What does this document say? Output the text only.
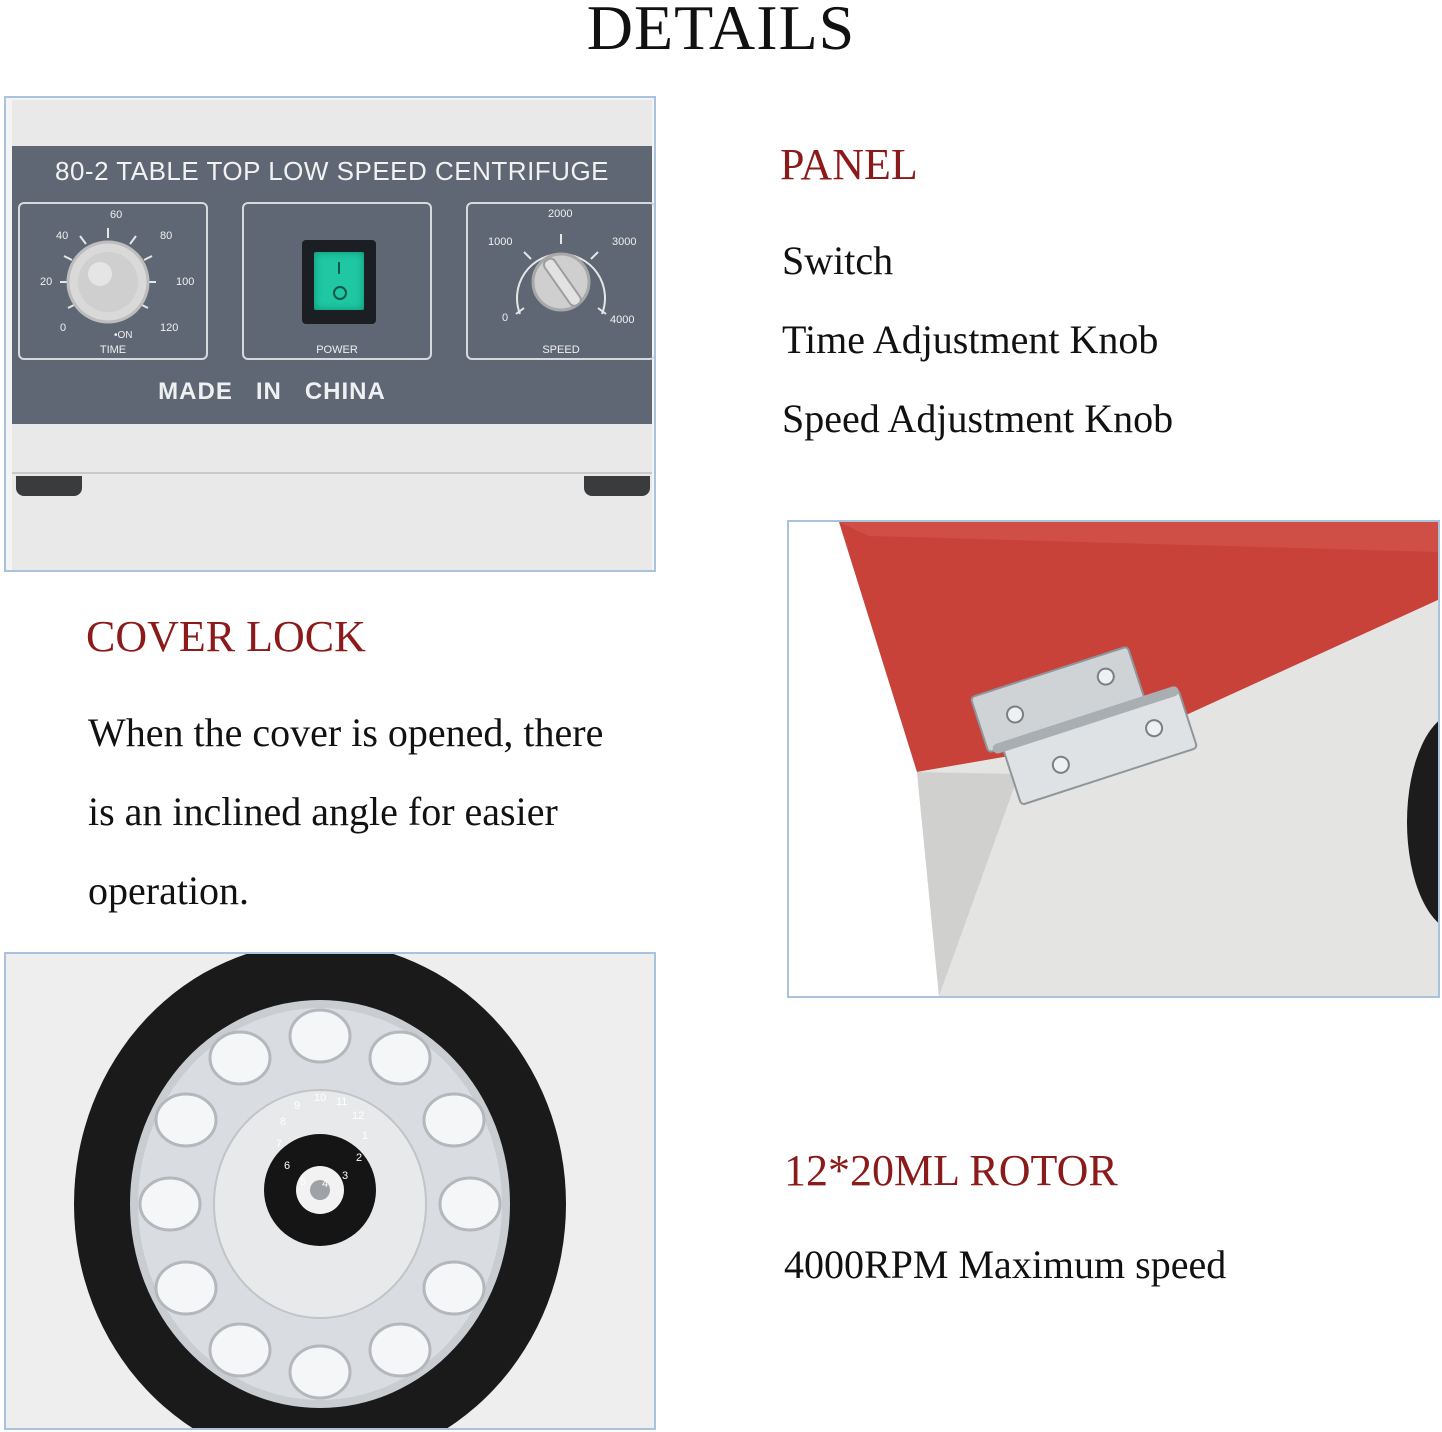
DETAILS
80-2 TABLE TOP LOW SPEED CENTRIFUGE
0
20
40
60
80
100
120
•ON
TIME	POWER
0
1000
2000
3000
4000
SPEED
MADE   IN   CHINA
PANEL
Switch
Time Adjustment Knob
Speed Adjustment Knob
COVER LOCK
When the cover is opened, there
is an inclined angle for easier
operation.
1
2
3
4
5
6
7
8
9
10 11
12
12*20ML ROTOR
4000RPM Maximum speed
